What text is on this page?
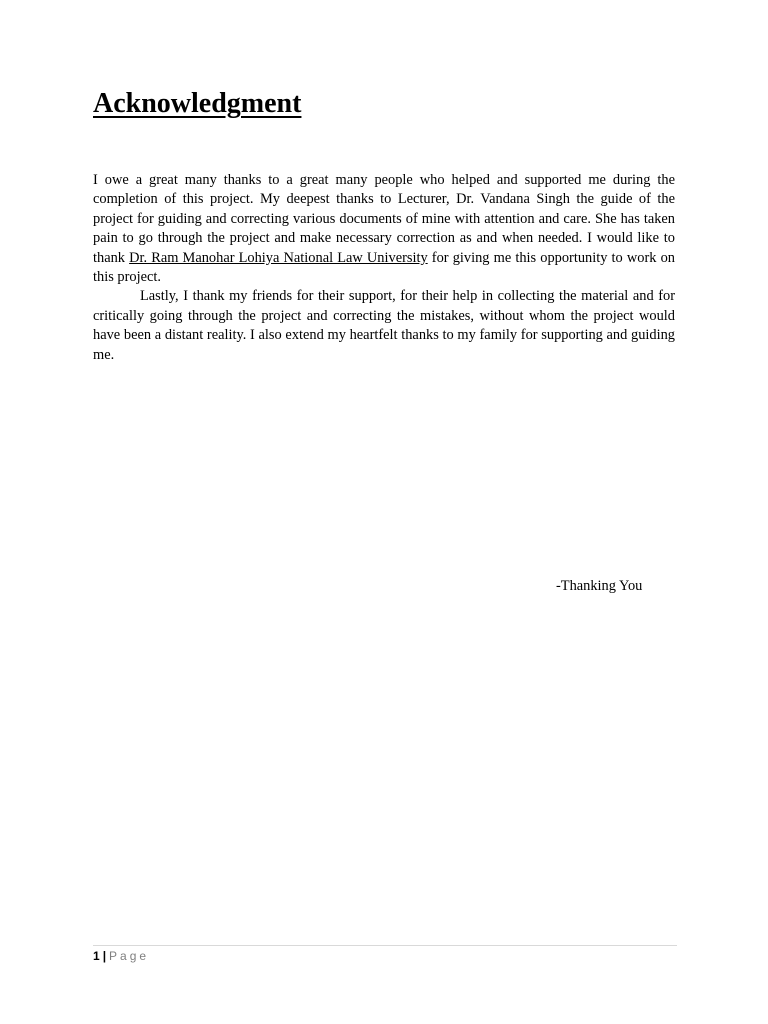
Acknowledgment

I owe a great many thanks to a great many people who helped and supported me during the completion of this project. My deepest thanks to Lecturer, Dr. Vandana Singh the guide of the project for guiding and correcting various documents of mine with attention and care. She has taken pain to go through the project and make necessary correction as and when needed. I would like to thank Dr. Ram Manohar Lohiya National Law University for giving me this opportunity to work on this project.

Lastly, I thank my friends for their support, for their help in collecting the material and for critically going through the project and correcting the mistakes, without whom the project would have been a distant reality. I also extend my heartfelt thanks to my family for supporting and guiding me.

-Thanking You
1 | Page
